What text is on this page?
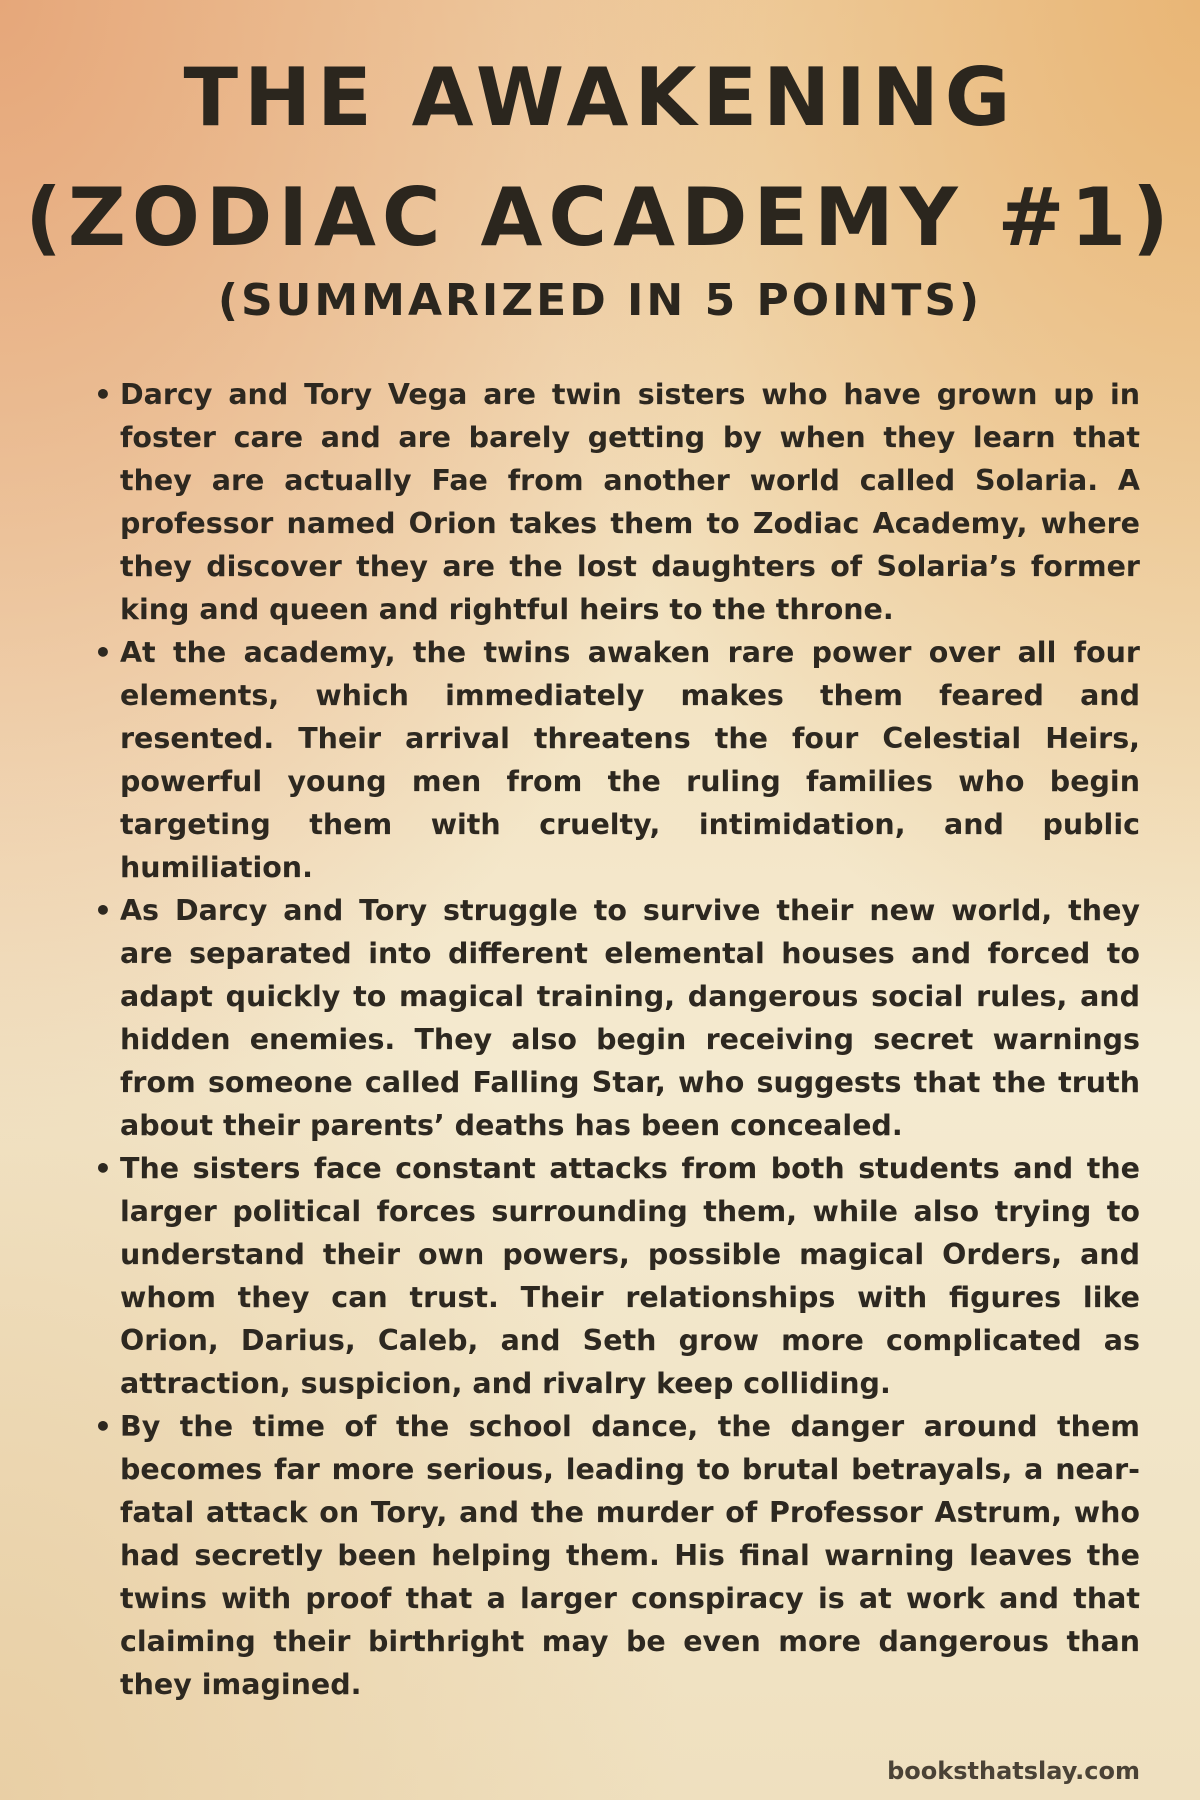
THE AWAKENING
(ZODIAC ACADEMY #1)
(SUMMARIZED IN 5 POINTS)
• Darcy and Tory Vega are twin sisters who have grown up in foster care and are barely getting by when they learn that they are actually Fae from another world called Solaria. A professor named Orion takes them to Zodiac Academy, where they discover they are the lost daughters of Solaria’s former king and queen and rightful heirs to the throne.
• At the academy, the twins awaken rare power over all four elements, which immediately makes them feared and resented. Their arrival threatens the four Celestial Heirs, powerful young men from the ruling families who begin targeting them with cruelty, intimidation, and public humiliation.
• As Darcy and Tory struggle to survive their new world, they are separated into different elemental houses and forced to adapt quickly to magical training, dangerous social rules, and hidden enemies. They also begin receiving secret warnings from someone called Falling Star, who suggests that the truth about their parents’ deaths has been concealed.
• The sisters face constant attacks from both students and the larger political forces surrounding them, while also trying to understand their own powers, possible magical Orders, and whom they can trust. Their relationships with figures like Orion, Darius, Caleb, and Seth grow more complicated as attraction, suspicion, and rivalry keep colliding.
• By the time of the school dance, the danger around them becomes far more serious, leading to brutal betrayals, a near-fatal attack on Tory, and the murder of Professor Astrum, who had secretly been helping them. His final warning leaves the twins with proof that a larger conspiracy is at work and that claiming their birthright may be even more dangerous than they imagined.
booksthatslay.com
